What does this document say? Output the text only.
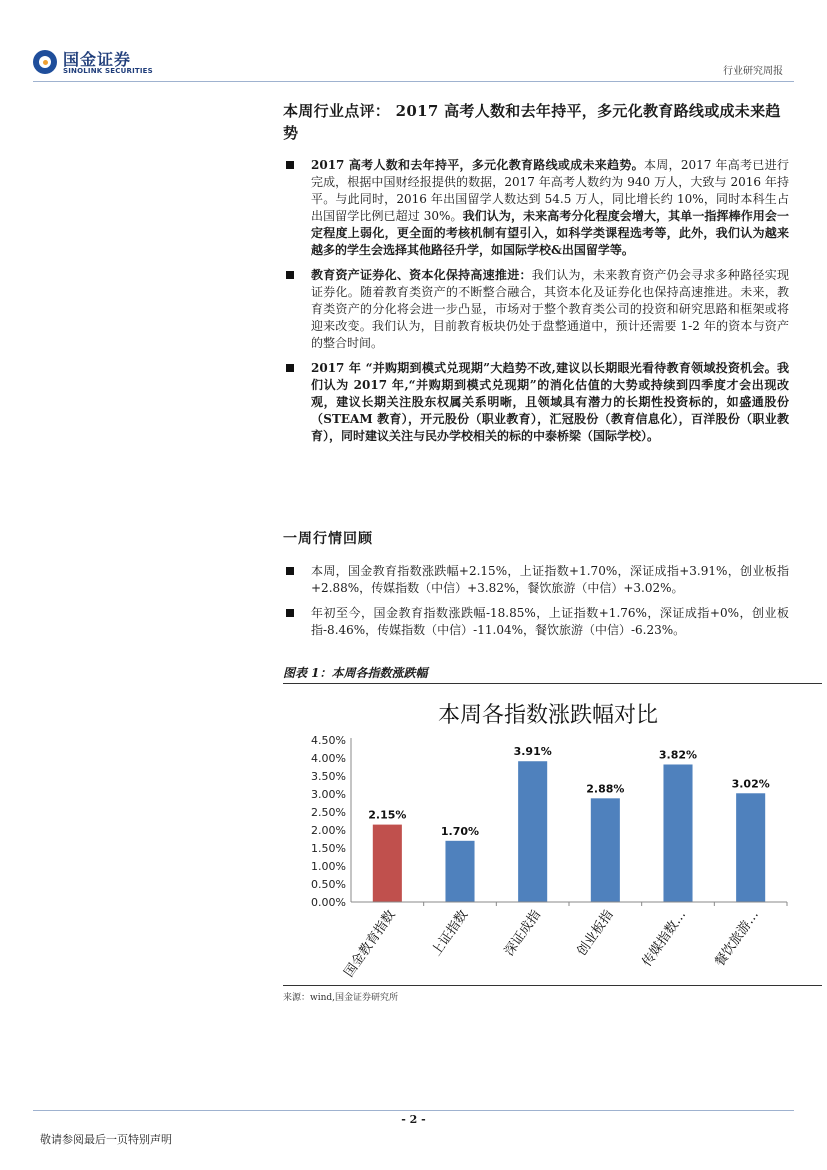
国金证券
SINOLINK SECURITIES	行业研究周报
本周行业点评： 2017 高考人数和去年持平，多元化教育路线或成未来趋势
2017 高考人数和去年持平，多元化教育路线或成未来趋势。本周，2017 年高考已进行完成，根据中国财经报提供的数据，2017 年高考人数约为 940 万人，大致与 2016 年持平。与此同时，2016 年出国留学人数达到 54.5 万人，同比增长约 10%，同时本科生占出国留学比例已超过 30%。我们认为，未来高考分化程度会增大，其单一指挥棒作用会一定程度上弱化，更全面的考核机制有望引入，如科学类课程选考等，此外，我们认为越来越多的学生会选择其他路径升学，如国际学校&出国留学等。
教育资产证券化、资本化保持高速推进：我们认为，未来教育资产仍会寻求多种路径实现证券化。随着教育类资产的不断整合融合，其资本化及证券化也保持高速推进。未来，教育类资产的分化将会进一步凸显，市场对于整个教育类公司的投资和研究思路和框架或将迎来改变。我们认为，目前教育板块仍处于盘整通道中，预计还需要 1-2 年的资本与资产的整合时间。
2017 年 “并购期到模式兑现期”大趋势不改,建议以长期眼光看待教育领域投资机会。我们认为 2017 年,“并购期到模式兑现期”的消化估值的大势或持续到四季度才会出现改观，建议长期关注股东权属关系明晰，且领域具有潜力的长期性投资标的，如盛通股份（STEAM 教育），开元股份（职业教育），汇冠股份（教育信息化），百洋股份（职业教育），同时建议关注与民办学校相关的标的中泰桥梁（国际学校）。
一周行情回顾
本周，国金教育指数涨跌幅+2.15%，上证指数+1.70%，深证成指+3.91%，创业板指+2.88%，传媒指数（中信）+3.82%，餐饮旅游（中信）+3.02%。
年初至今，国金教育指数涨跌幅-18.85%，上证指数+1.76%，深证成指+0%，创业板指-8.46%，传媒指数（中信）-11.04%，餐饮旅游（中信）-6.23%。
图表 1：本周各指数涨跌幅
本周各指数涨跌幅对比
0.00%
0.50%
1.00%
1.50%
2.00%
2.50%
3.00%
3.50%
4.00%
4.50%
2.15%
1.70%
3.91%
2.88%
3.82%
3.02%
国金教育指数 上证指数 深证成指 创业板指 传媒指数… 餐饮旅游…
来源：wind,国金证券研究所
- 2 -
敬请参阅最后一页特别声明
